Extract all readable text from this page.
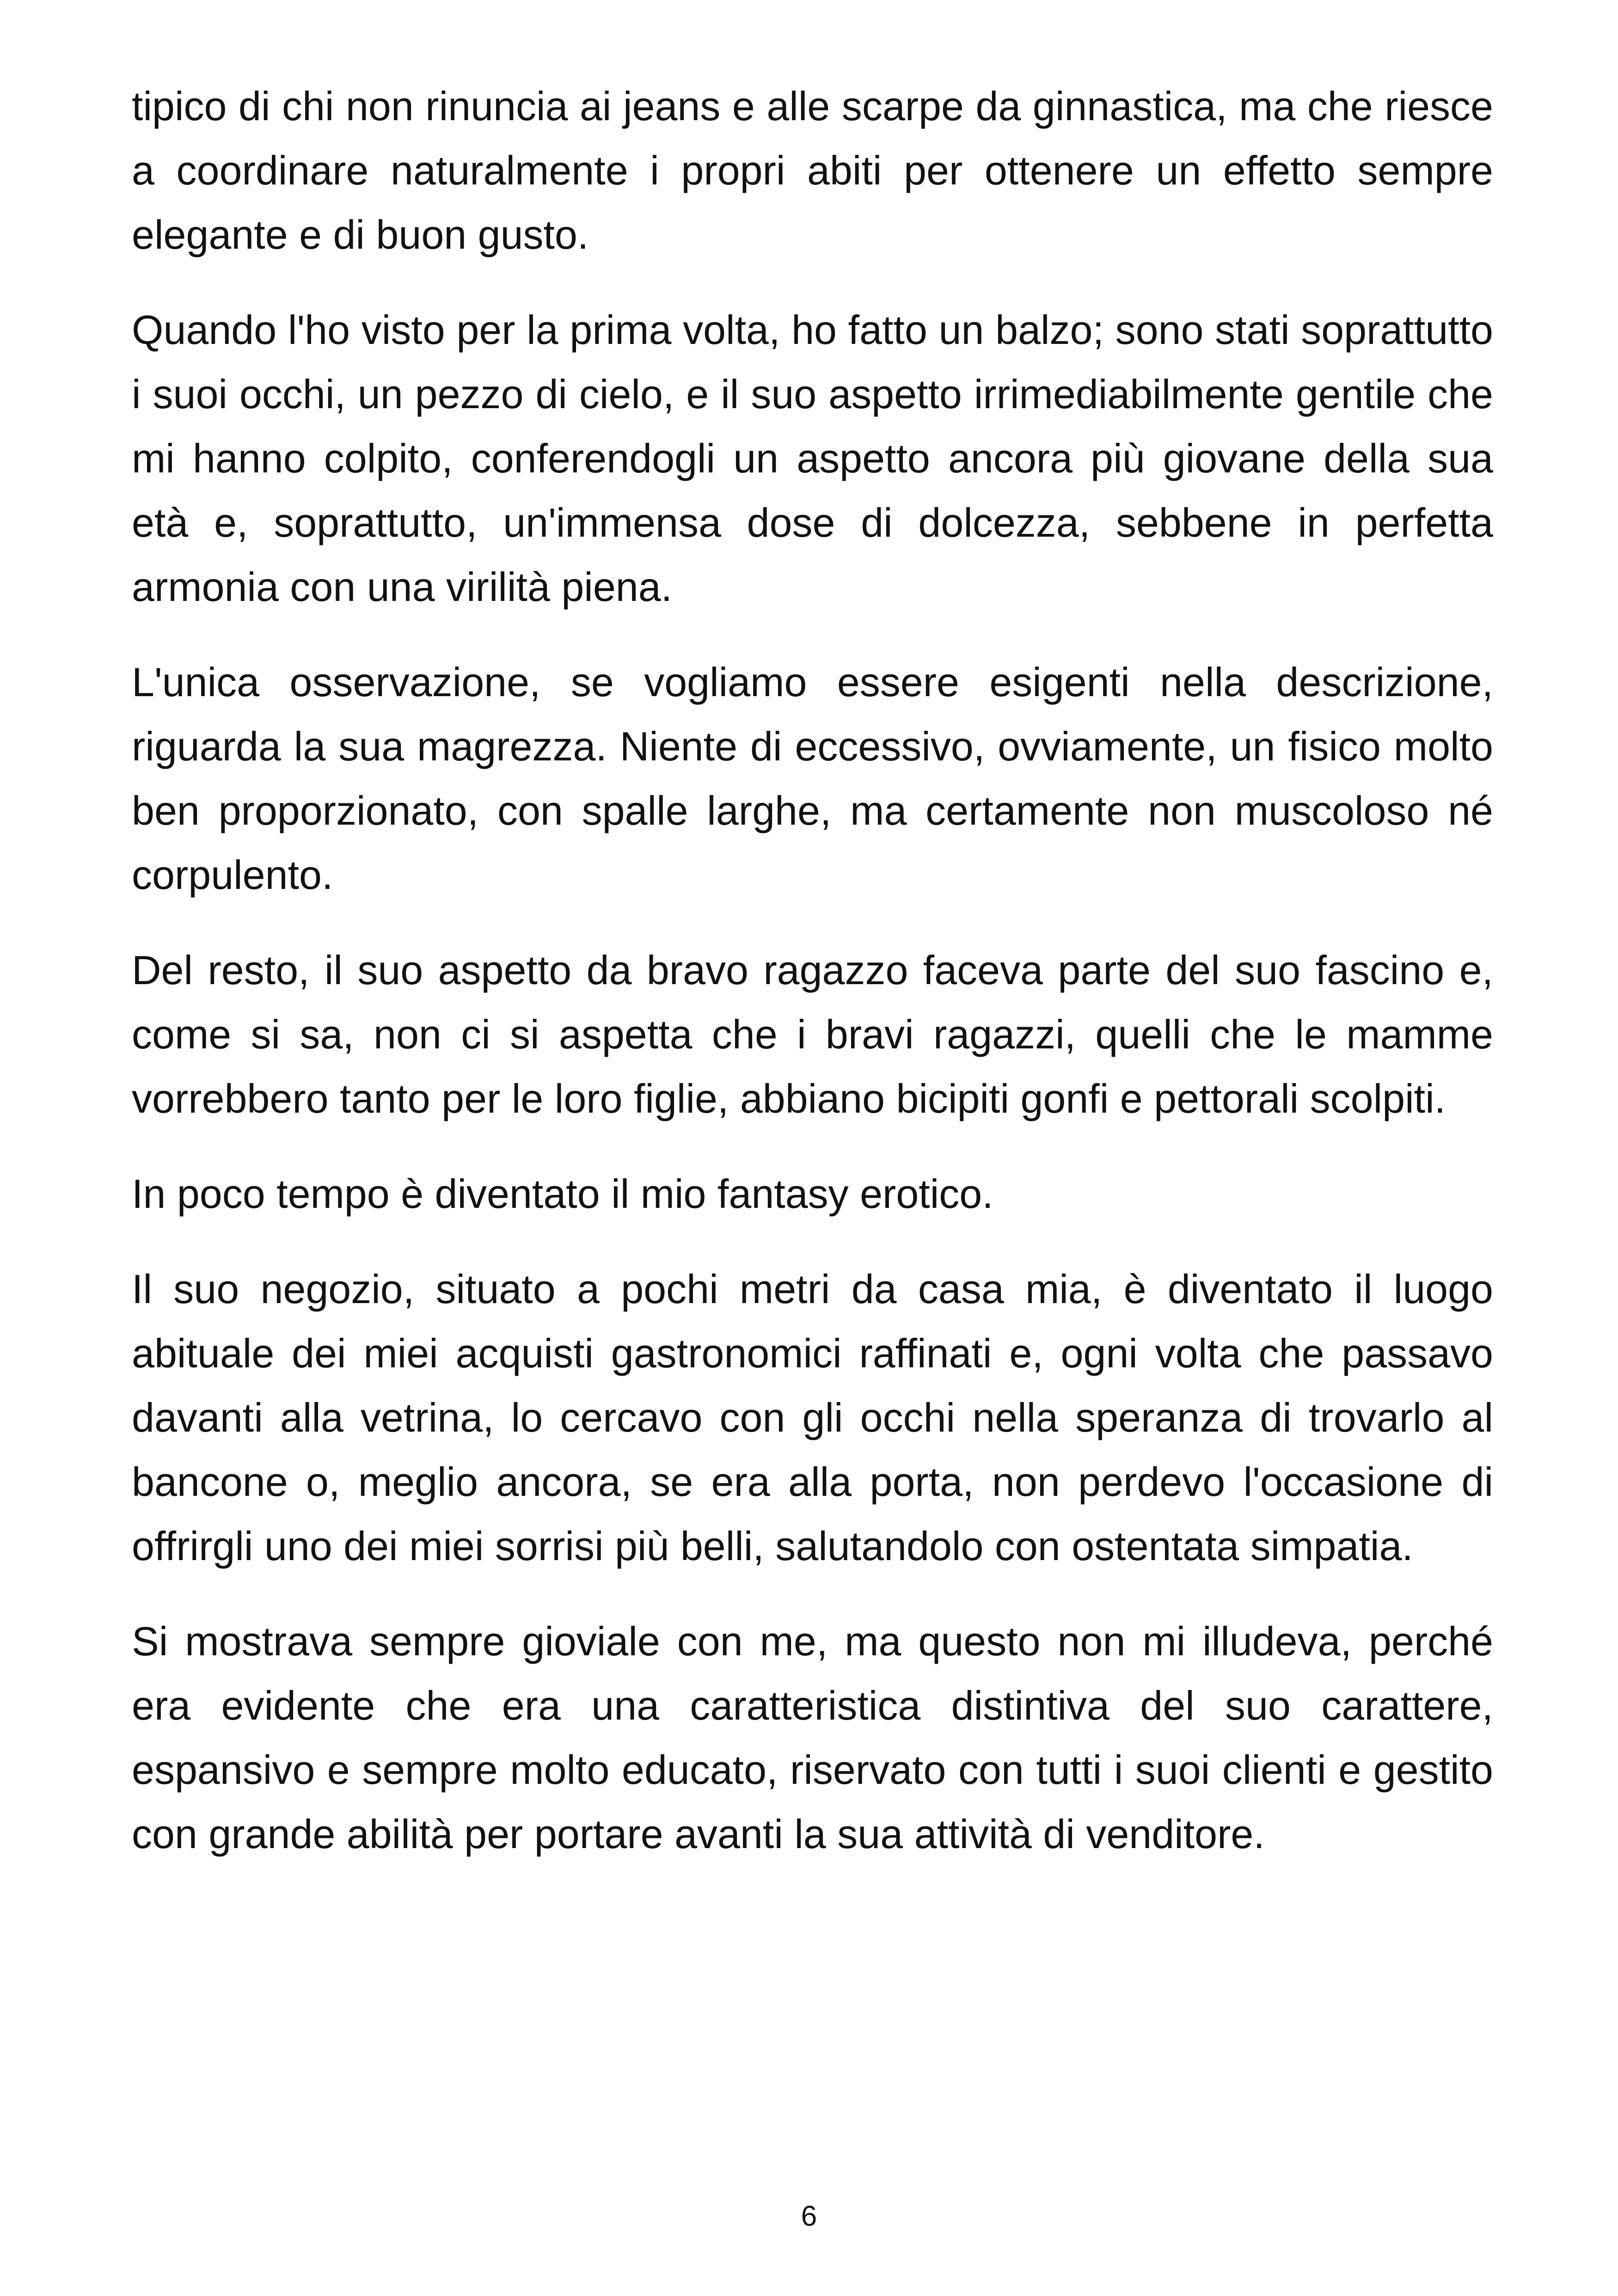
tipico di chi non rinuncia ai jeans e alle scarpe da ginnastica, ma che riesce a coordinare naturalmente i propri abiti per ottenere un effetto sempre elegante e di buon gusto.

Quando l'ho visto per la prima volta, ho fatto un balzo; sono stati soprattutto i suoi occhi, un pezzo di cielo, e il suo aspetto irrimediabilmente gentile che mi hanno colpito, conferendogli un aspetto ancora più giovane della sua età e, soprattutto, un'immensa dose di dolcezza, sebbene in perfetta armonia con una virilità piena.

L'unica osservazione, se vogliamo essere esigenti nella descrizione, riguarda la sua magrezza. Niente di eccessivo, ovviamente, un fisico molto ben proporzionato, con spalle larghe, ma certamente non muscoloso né corpulento.

Del resto, il suo aspetto da bravo ragazzo faceva parte del suo fascino e, come si sa, non ci si aspetta che i bravi ragazzi, quelli che le mamme vorrebbero tanto per le loro figlie, abbiano bicipiti gonfi e pettorali scolpiti.

In poco tempo è diventato il mio fantasy erotico.

Il suo negozio, situato a pochi metri da casa mia, è diventato il luogo abituale dei miei acquisti gastronomici raffinati e, ogni volta che passavo davanti alla vetrina, lo cercavo con gli occhi nella speranza di trovarlo al bancone o, meglio ancora, se era alla porta, non perdevo l'occasione di offrirgli uno dei miei sorrisi più belli, salutandolo con ostentata simpatia.

Si mostrava sempre gioviale con me, ma questo non mi illudeva, perché era evidente che era una caratteristica distintiva del suo carattere, espansivo e sempre molto educato, riservato con tutti i suoi clienti e gestito con grande abilità per portare avanti la sua attività di venditore.

6
